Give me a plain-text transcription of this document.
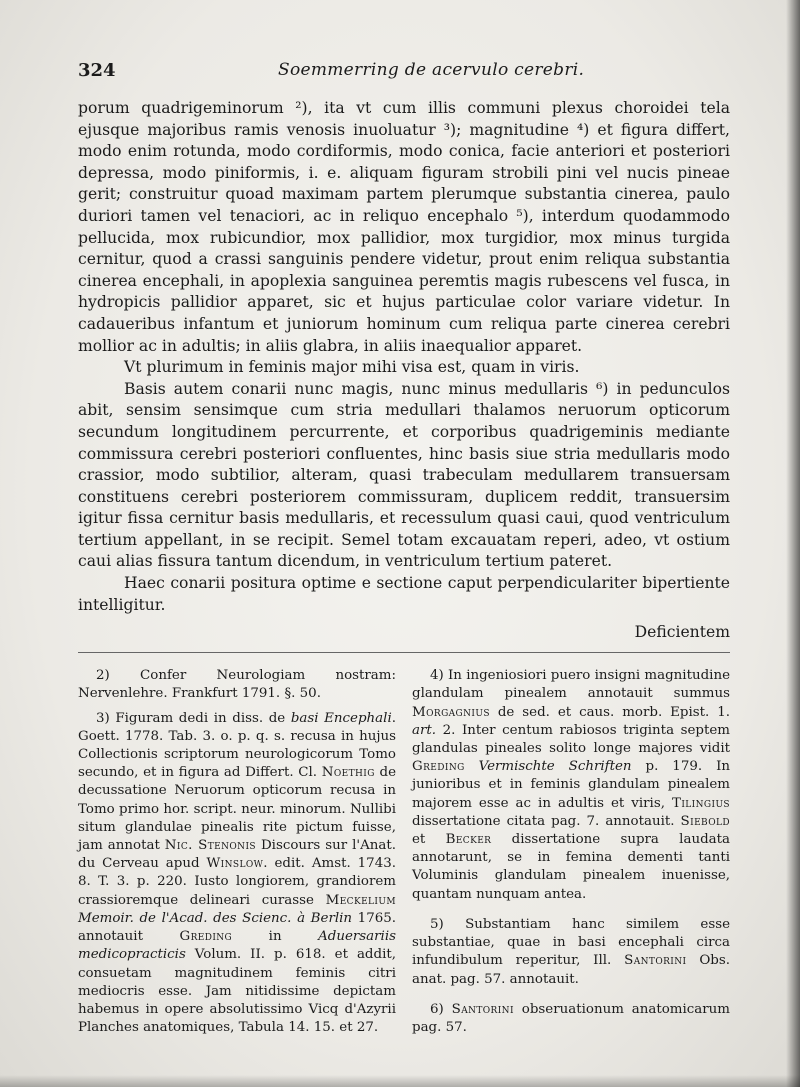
324	Soemmerring de acervulo cerebri.

porum quadrigeminorum ²), ita vt cum illis communi plexus choroidei tela ejusque majoribus ramis venosis inuoluatur ³); magnitudine ⁴) et figura differt, modo enim rotunda, modo cordiformis, modo conica, facie anteriori et posteriori depressa, modo piniformis, i. e. aliquam figuram strobili pini vel nucis pineae gerit; construitur quoad maximam partem plerumque substantia cinerea, paulo duriori tamen vel tenaciori, ac in reliquo encephalo ⁵), interdum quodammodo pellucida, mox rubicundior, mox pallidior, mox turgidior, mox minus turgida cernitur, quod a crassi sanguinis pendere videtur, prout enim reliqua substantia cinerea encephali, in apoplexia sanguinea peremtis magis rubescens vel fusca, in hydropicis pallidior apparet, sic et hujus particulae color variare videtur. In cadaueribus infantum et juniorum hominum cum reliqua parte cinerea cerebri mollior ac in adultis; in aliis glabra, in aliis inaequalior apparet.

Vt plurimum in feminis major mihi visa est, quam in viris.

Basis autem conarii nunc magis, nunc minus medullaris ⁶) in pedunculos abit, sensim sensimque cum stria medullari thalamos neruorum opticorum secundum longitudinem percurrente, et corporibus quadrigeminis mediante commissura cerebri posteriori confluentes, hinc basis siue stria medullaris modo crassior, modo subtilior, alteram, quasi trabeculam medullarem transuersam constituens cerebri posteriorem commissuram, duplicem reddit, transuersim igitur fissa cernitur basis medullaris, et recessulum quasi caui, quod ventriculum tertium appellant, in se recipit. Semel totam excauatam reperi, adeo, vt ostium caui alias fissura tantum dicendum, in ventriculum tertium pateret.

Haec conarii positura optime e sectione caput perpendiculariter bipertiente intelligitur.

Deficientem

2) Confer Neurologiam nostram: Nervenlehre. Frankfurt 1791. §. 50.

3) Figuram dedi in diss. de basi Encephali. Goett. 1778. Tab. 3. o. p. q. s. recusa in hujus Collectionis scriptorum neurologicorum Tomo secundo, et in figura ad Differt. Cl. Noethig de decussatione Neruorum opticorum recusa in Tomo primo hor. script. neur. minorum. Nullibi situm glandulae pinealis rite pictum fuisse, jam annotat Nic. Stenonis Discours sur l'Anat. du Cerveau apud Winslow. edit. Amst. 1743. 8. T. 3. p. 220. Iusto longiorem, grandiorem crassioremque delineari curasse Meckelium Memoir. de l'Acad. des Scienc. à Berlin 1765. annotauit Greding in Aduersariis medicopracticis Volum. II. p. 618. et addit, consuetam magnitudinem feminis citri mediocris esse. Jam nitidissime depictam habemus in opere absolutissimo Vicq d'Azyrii Planches anatomiques, Tabula 14. 15. et 27.

4) In ingeniosiori puero insigni magnitudine glandulam pinealem annotauit summus Morgagnius de sed. et caus. morb. Epist. 1. art. 2. Inter centum rabiosos triginta septem glandulas pineales solito longe majores vidit Greding Vermischte Schriften p. 179. In junioribus et in feminis glandulam pinealem majorem esse ac in adultis et viris, Tilingius dissertatione citata pag. 7. annotauit. Siebold et Becker dissertatione supra laudata annotarunt, se in femina dementi tanti Voluminis glandulam pinealem inuenisse, quantam nunquam antea.

5) Substantiam hanc similem esse substantiae, quae in basi encephali circa infundibulum reperitur, Ill. Santorini Obs. anat. pag. 57. annotauit.

6) Santorini obseruationum anatomicarum pag. 57.
